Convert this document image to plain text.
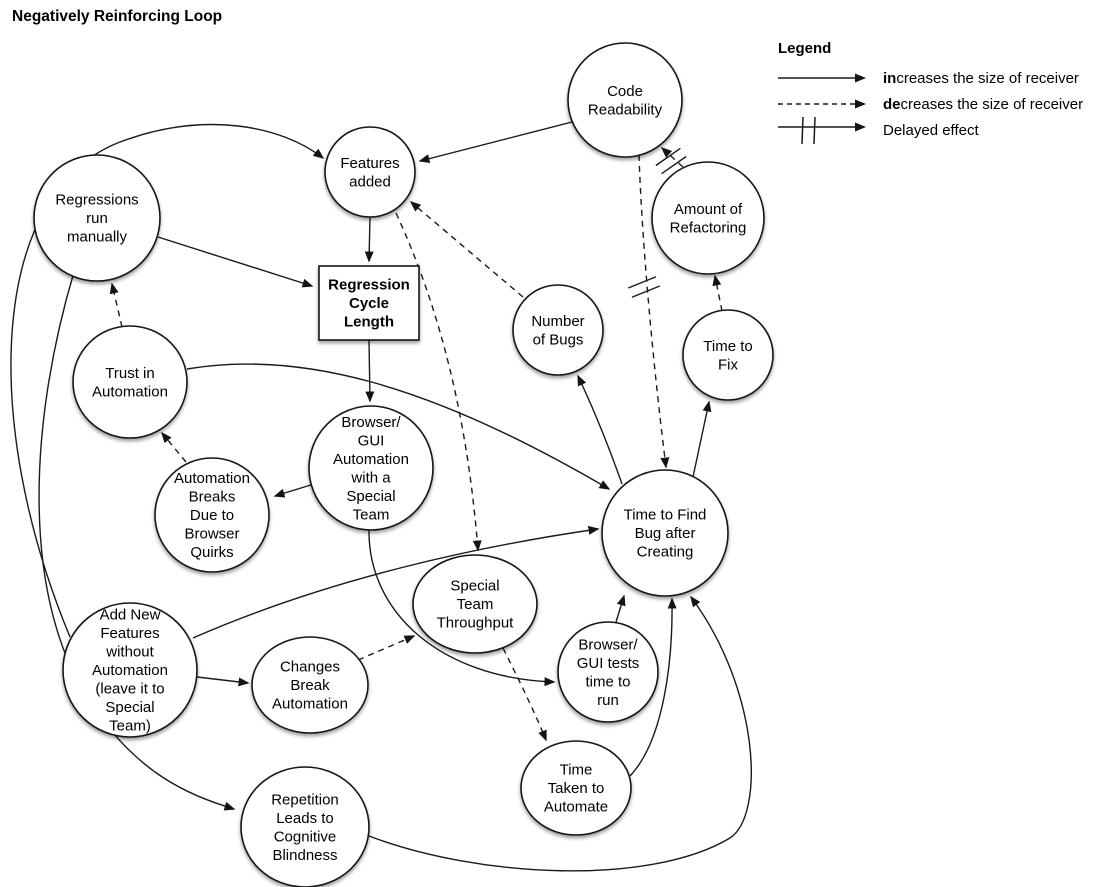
Negatively Reinforcing Loop
Code Readability
Features added
Regressions run manually
Amount of Refactoring
Regression Cycle Length	Number of Bugs
Trust in Automation
Time to Fix
Browser/ GUI Automation with a Special Team
Automation Breaks Due to Browser Quirks
Time to Find Bug after Creating
Special Team Throughput
Add New Features without Automation (leave it to Special Team)
Changes Break Automation
Browser/ GUI tests time to run
Time Taken to Automate
Repetition Leads to Cognitive Blindness
Legend
increases the size of receiver
decreases the size of receiver
Delayed effect
